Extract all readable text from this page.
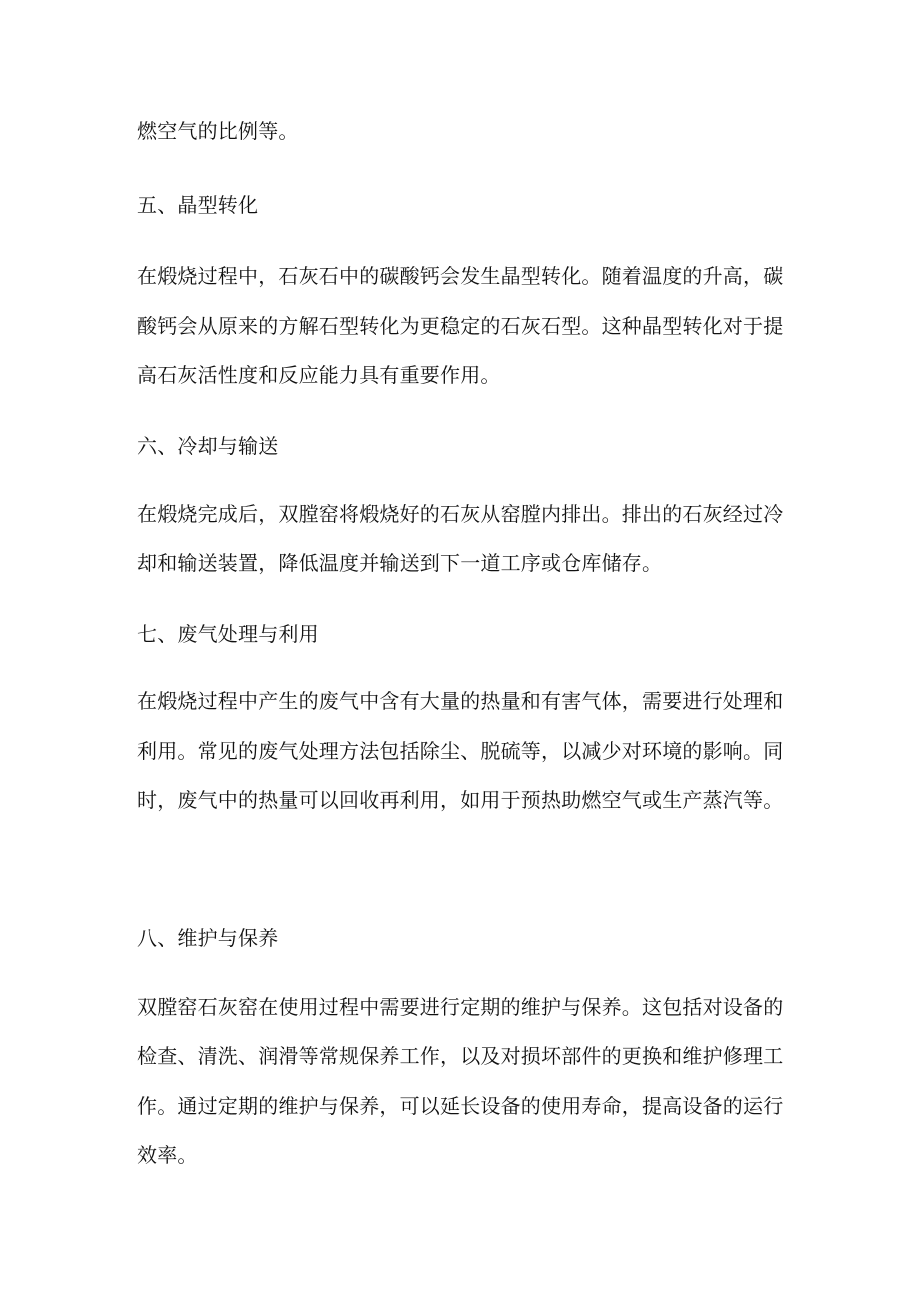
燃空气的比例等。
五、晶型转化
在煅烧过程中，石灰石中的碳酸钙会发生晶型转化。随着温度的升高，碳
酸钙会从原来的方解石型转化为更稳定的石灰石型。这种晶型转化对于提
高石灰活性度和反应能力具有重要作用。
六、冷却与输送
在煅烧完成后，双膛窑将煅烧好的石灰从窑膛内排出。排出的石灰经过冷
却和输送装置，降低温度并输送到下一道工序或仓库储存。
七、废气处理与利用
在煅烧过程中产生的废气中含有大量的热量和有害气体，需要进行处理和
利用。常见的废气处理方法包括除尘、脱硫等，以减少对环境的影响。同
时，废气中的热量可以回收再利用，如用于预热助燃空气或生产蒸汽等。
八、维护与保养
双膛窑石灰窑在使用过程中需要进行定期的维护与保养。这包括对设备的
检查、清洗、润滑等常规保养工作，以及对损坏部件的更换和维护修理工
作。通过定期的维护与保养，可以延长设备的使用寿命，提高设备的运行
效率。
